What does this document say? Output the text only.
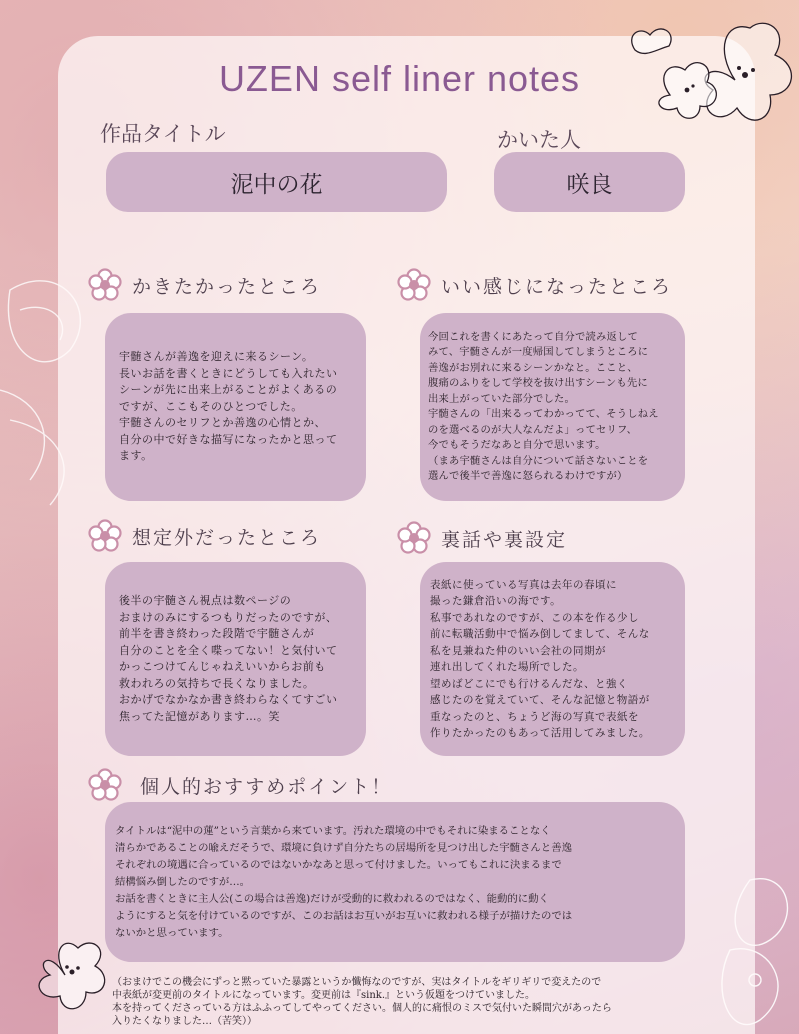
UZEN self liner notes
作品タイトル	かいた人
泥中の花	咲良
かきたかったところ
宇髄さんが善逸を迎えに来るシーン。
長いお話を書くときにどうしても入れたい
シーンが先に出来上がることがよくあるの
ですが、ここもそのひとつでした。
宇髄さんのセリフとか善逸の心情とか、
自分の中で好きな描写になったかと思って
ます。
いい感じになったところ
今回これを書くにあたって自分で読み返して
みて、宇髄さんが一度帰国してしまうところに
善逸がお別れに来るシーンかなと。ここと、
腹痛のふりをして学校を抜け出すシーンも先に
出来上がっていた部分でした。
宇髄さんの「出来るってわかってて、そうしねえ
のを選べるのが大人なんだよ」ってセリフ、
今でもそうだなあと自分で思います。
（まあ宇髄さんは自分について話さないことを
選んで後半で善逸に怒られるわけですが）
想定外だったところ
後半の宇髄さん視点は数ページの
おまけのみにするつもりだったのですが、
前半を書き終わった段階で宇髄さんが
自分のことを全く喋ってない！と気付いて
かっこつけてんじゃねえいいからお前も
救われろの気持ちで長くなりました。
おかげでなかなか書き終わらなくてすごい
焦ってた記憶があります…。笑
裏話や裏設定
表紙に使っている写真は去年の春頃に
撮った鎌倉沿いの海です。
私事であれなのですが、この本を作る少し
前に転職活動中で悩み倒してまして、そんな
私を見兼ねた仲のいい会社の同期が
連れ出してくれた場所でした。
望めばどこにでも行けるんだな、と強く
感じたのを覚えていて、そんな記憶と物語が
重なったのと、ちょうど海の写真で表紙を
作りたかったのもあって活用してみました。
個人的おすすめポイント！
タイトルは“泥中の蓮”という言葉から来ています。汚れた環境の中でもそれに染まることなく
清らかであることの喩えだそうで、環境に負けず自分たちの居場所を見つけ出した宇髄さんと善逸
それぞれの境遇に合っているのではないかなあと思って付けました。いってもこれに決まるまで
結構悩み倒したのですが…。
お話を書くときに主人公(この場合は善逸)だけが受動的に救われるのではなく、能動的に動く
ようにすると気を付けているのですが、このお話はお互いがお互いに救われる様子が描けたのでは
ないかと思っています。
（おまけでこの機会にずっと黙っていた暴露というか懺悔なのですが、実はタイトルをギリギリで変えたので
中表紙が変更前のタイトルになっています。変更前は『sink.』という仮題をつけていました。
本を持ってくださっている方はふふってしてやってください。個人的に痛恨のミスで気付いた瞬間穴があったら
入りたくなりました…（苦笑））
